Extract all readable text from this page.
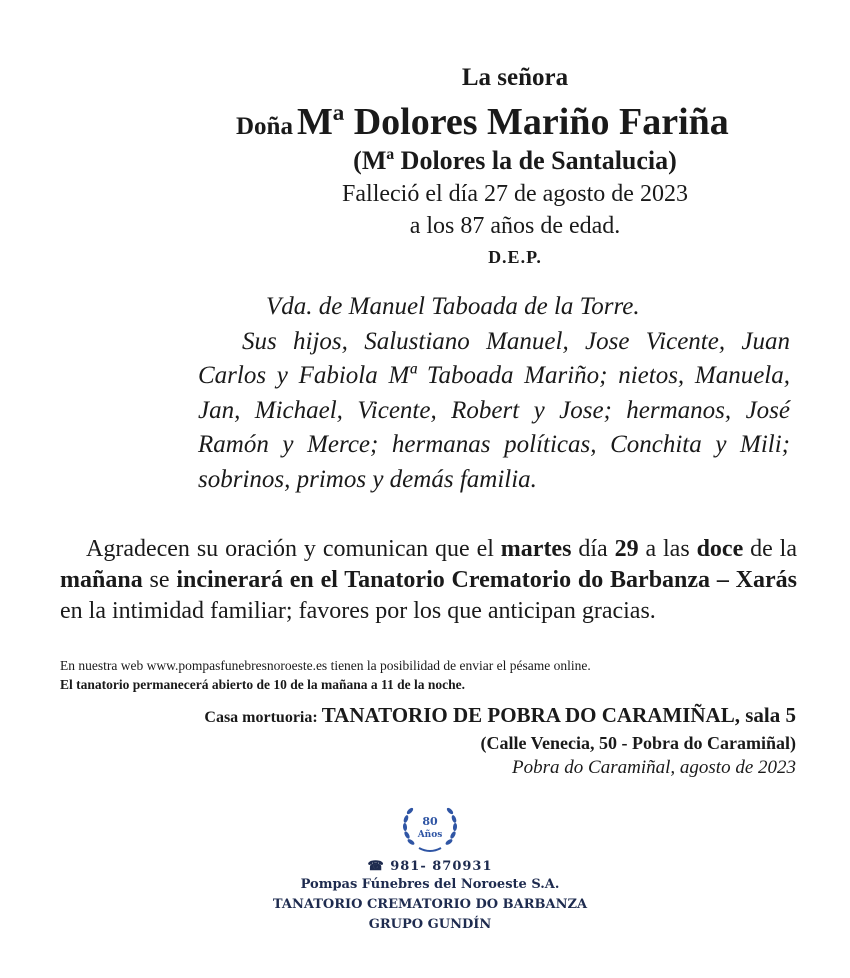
La señora
Doña Mª Dolores Mariño Fariña
(Mª Dolores la de Santalucia)
Falleció el día 27 de agosto de 2023
a los 87 años de edad.
D.E.P.

Vda. de Manuel Taboada de la Torre.

Sus hijos, Salustiano Manuel, Jose Vicente, Juan Carlos y Fabiola Mª Taboada Mariño; nietos, Manuela, Jan, Michael, Vicente, Robert y Jose; hermanos, José Ramón y Merce; hermanas políticas, Conchita y Mili; sobrinos, primos y demás familia.

Agradecen su oración y comunican que el martes día 29 a las doce de la mañana se incinerará en el Tanatorio Crematorio do Barbanza – Xarás en la intimidad familiar; favores por los que anticipan gracias.

En nuestra web www.pompasfunebresnoroeste.es tienen la posibilidad de enviar el pésame online.
El tanatorio permanecerá abierto de 10 de la mañana a 11 de la noche.
Casa mortuoria: TANATORIO DE POBRA DO CARAMIÑAL, sala 5
(Calle Venecia, 50 - Pobra do Caramiñal)
Pobra do Caramiñal, agosto de 2023
80
Años
☎ 981- 870931
Pompas Fúnebres del Noroeste S.A.
TANATORIO CREMATORIO DO BARBANZA
GRUPO GUNDÍN
